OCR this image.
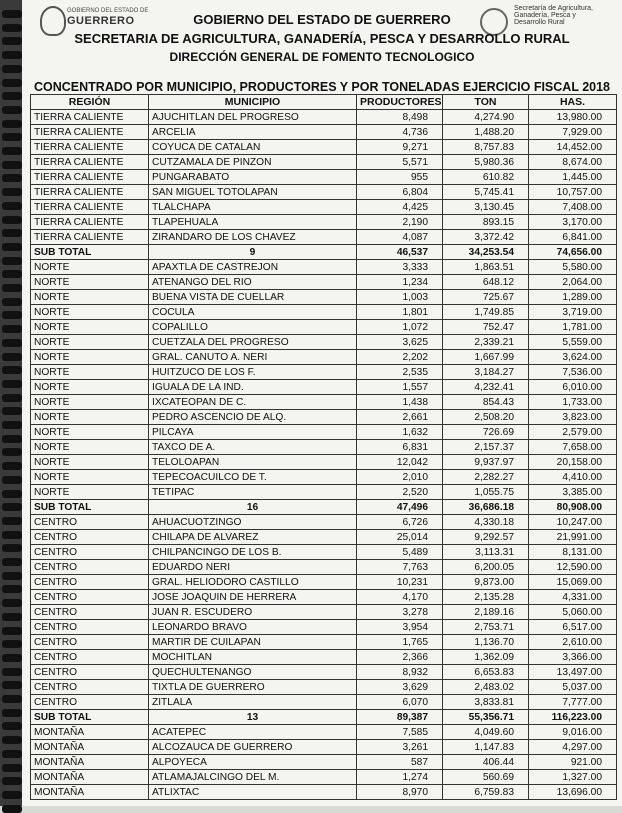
GOBIERNO DEL ESTADO DE
GUERRERO
Secretaría de Agricultura, Ganadería, Pesca y Desarrollo Rural
GOBIERNO DEL ESTADO DE GUERRERO
SECRETARIA DE AGRICULTURA, GANADERÍA, PESCA Y DESARROLLO RURAL
DIRECCIÓN GENERAL DE FOMENTO TECNOLOGICO
CONCENTRADO POR MUNICIPIO, PRODUCTORES Y POR TONELADAS EJERCICIO FISCAL 2018
REGIÓN	MUNICIPIO	PRODUCTORES	TON	HAS.
TIERRA CALIENTE	AJUCHITLAN DEL PROGRESO	8,498	4,274.90	13,980.00
TIERRA CALIENTE	ARCELIA	4,736	1,488.20	7,929.00
TIERRA CALIENTE	COYUCA DE CATALAN	9,271	8,757.83	14,452.00
TIERRA CALIENTE	CUTZAMALA DE PINZON	5,571	5,980.36	8,674.00
TIERRA CALIENTE	PUNGARABATO	955	610.82	1,445.00
TIERRA CALIENTE	SAN MIGUEL TOTOLAPAN	6,804	5,745.41	10,757.00
TIERRA CALIENTE	TLALCHAPA	4,425	3,130.45	7,408.00
TIERRA CALIENTE	TLAPEHUALA	2,190	893.15	3,170.00
TIERRA CALIENTE	ZIRANDARO DE LOS CHAVEZ	4,087	3,372.42	6,841.00
SUB TOTAL	9	46,537	34,253.54	74,656.00
NORTE	APAXTLA DE CASTREJON	3,333	1,863.51	5,580.00
NORTE	ATENANGO DEL RIO	1,234	648.12	2,064.00
NORTE	BUENA VISTA DE CUELLAR	1,003	725.67	1,289.00
NORTE	COCULA	1,801	1,749.85	3,719.00
NORTE	COPALILLO	1,072	752.47	1,781.00
NORTE	CUETZALA DEL PROGRESO	3,625	2,339.21	5,559.00
NORTE	GRAL. CANUTO A. NERI	2,202	1,667.99	3,624.00
NORTE	HUITZUCO DE LOS F.	2,535	3,184.27	7,536.00
NORTE	IGUALA DE LA IND.	1,557	4,232.41	6,010.00
NORTE	IXCATEOPAN DE C.	1,438	854.43	1,733.00
NORTE	PEDRO ASCENCIO DE ALQ.	2,661	2,508.20	3,823.00
NORTE	PILCAYA	1,632	726.69	2,579.00
NORTE	TAXCO DE A.	6,831	2,157.37	7,658.00
NORTE	TELOLOAPAN	12,042	9,937.97	20,158.00
NORTE	TEPECOACUILCO DE T.	2,010	2,282.27	4,410.00
NORTE	TETIPAC	2,520	1,055.75	3,385.00
SUB TOTAL	16	47,496	36,686.18	80,908.00
CENTRO	AHUACUOTZINGO	6,726	4,330.18	10,247.00
CENTRO	CHILAPA DE ALVAREZ	25,014	9,292.57	21,991.00
CENTRO	CHILPANCINGO DE LOS B.	5,489	3,113.31	8,131.00
CENTRO	EDUARDO NERI	7,763	6,200.05	12,590.00
CENTRO	GRAL. HELIODORO CASTILLO	10,231	9,873.00	15,069.00
CENTRO	JOSE JOAQUIN DE HERRERA	4,170	2,135.28	4,331.00
CENTRO	JUAN R. ESCUDERO	3,278	2,189.16	5,060.00
CENTRO	LEONARDO BRAVO	3,954	2,753.71	6,517.00
CENTRO	MARTIR DE CUILAPAN	1,765	1,136.70	2,610.00
CENTRO	MOCHITLAN	2,366	1,362.09	3,366.00
CENTRO	QUECHULTENANGO	8,932	6,653.83	13,497.00
CENTRO	TIXTLA DE GUERRERO	3,629	2,483.02	5,037.00
CENTRO	ZITLALA	6,070	3,833.81	7,777.00
SUB TOTAL	13	89,387	55,356.71	116,223.00
MONTAÑA	ACATEPEC	7,585	4,049.60	9,016.00
MONTAÑA	ALCOZAUCA DE GUERRERO	3,261	1,147.83	4,297.00
MONTAÑA	ALPOYECA	587	406.44	921.00
MONTAÑA	ATLAMAJALCINGO DEL M.	1,274	560.69	1,327.00
MONTAÑA	ATLIXTAC	8,970	6,759.83	13,696.00
